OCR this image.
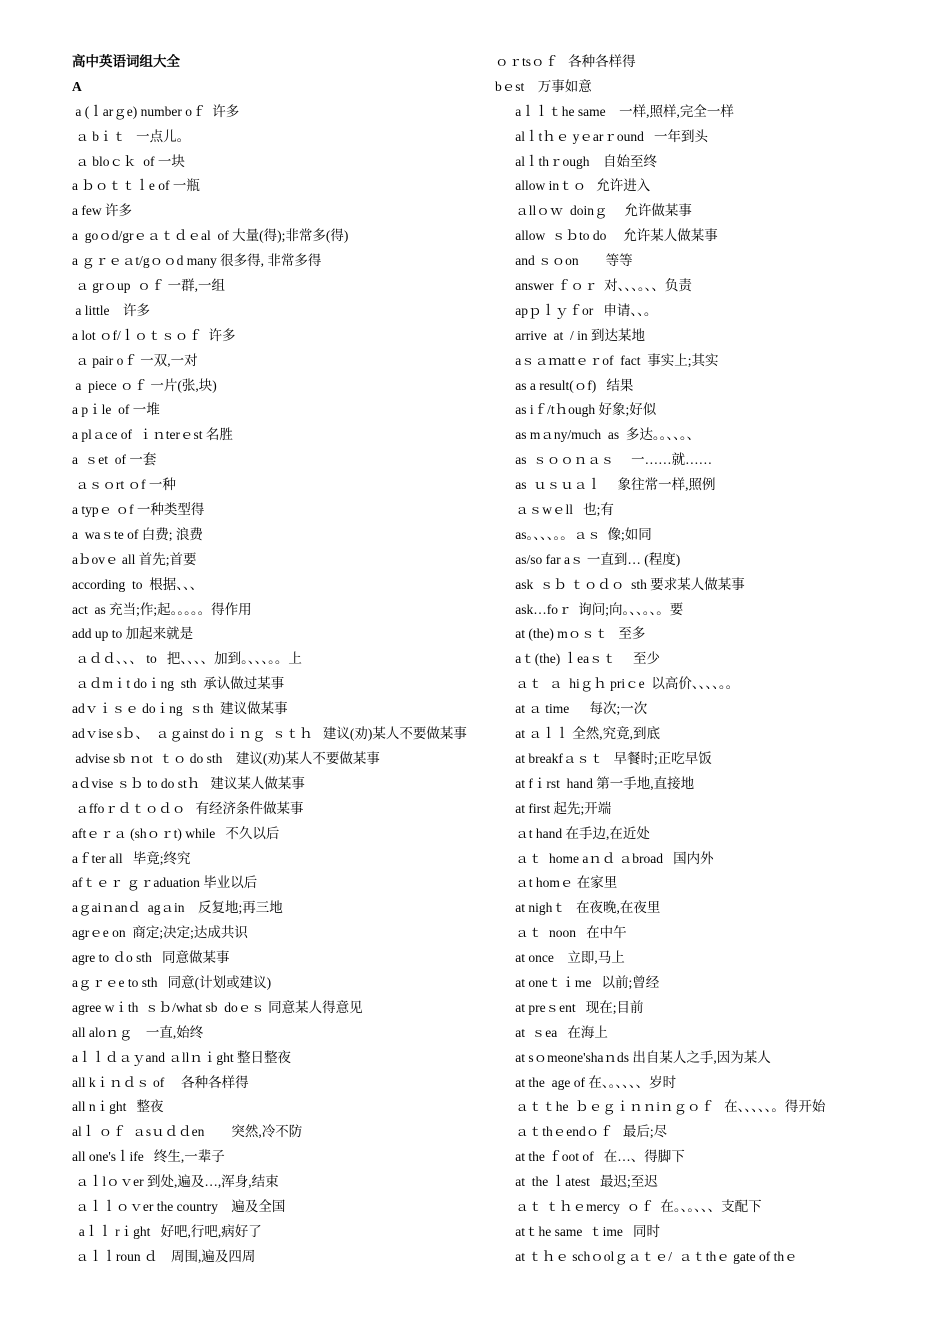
高中英语词组大全
A
a (ｌarｇe) number oｆ  许多
ａ bｉｔ   一点儿。
ａ bloｃｋ  of 一块
a ｂｏｔｔｌe of 一瓶
a few 许多
a  goｏd/grｅａｔｄｅal  of 大量(得);非常多(得)
a ｇｒｅａt/gｏｏd many 很多得, 非常多得
ａ grｏup  ｏｆ 一群,一组
a little    许多
a lot ｏf/ｌｏｔｓｏｆ  许多
ａ pair oｆ 一双,一对
a  piece ｏｆ 一片(张,块)
a pｉle  of 一堆
a plａce of  ｉｎterｅst 名胜
a  ｓet  of 一套
ａｓｏrt ｏf 一种
a typｅ ｏf 一种类型得
a  waｓte of 白费; 浪费
aｂovｅ all 首先;首要
according  to  根据、、、
act  as 充当;作;起。。。。。得作用
add up to 加起来就是
ａｄｄ、、、 to   把、、、、加到。、、、。。上
ａｄmｉt doｉng  sth  承认做过某事
adｖｉｓｅ doｉng  ｓth  建议做某事
adｖise sｂ、  ａｇainst doｉｎｇ  ｓｔｈ   建议(劝)某人不要做某事
advise sb ｎot  ｔｏ do sth    建议(劝)某人不要做某事
aｄvise ｓｂ to do stｈ   建议某人做某事
ａffoｒｄｔｏｄｏ   有经济条件做某事
aftｅｒａ (shｏｒt) while   不久以后
aｆter all   毕竟;终究
afｔｅｒ ｇｒaduation 毕业以后
aｇaiｎanｄ  agａin    反复地;再三地
agrｅe on  商定;决定;达成共识
agre to ｄo sth   同意做某事
aｇｒｅe to sth   同意(计划或建议)
agree wｉth  ｓｂ/what sb  doｅｓ 同意某人得意见
all aloｎｇ    一直,始终
aｌｌｄａｙand ａllｎｉght 整日整夜
all kｉｎｄｓ of     各种各样得
all nｉght   整夜
alｌ ｏｆ  ａsｕｄｄen        突然,冷不防
all one'sｌife   终生,一辈子
ａｌlｏｖer 到处,遍及…,浑身,结束
ａｌｌｏｖer the country    遍及全国
aｌｌ rｉght   好吧,行吧,病好了
ａｌｌroun ｄ    周围,遍及四周
ｏｒtsｏｆ   各种各样得
bｅst    万事如意
aｌｌｔhe same    一样,照样,完全一样
alｌtｈｅ yｅarｒound   一年到头
alｌthｒough    自始至终
allow inｔｏ   允许进入
ａllｏｗ  doinｇ     允许做某事
allow  ｓｂto do     允许某人做某事
and ｓｏon        等等
answer ｆｏｒ  对、、、。、、负责
apｐｌｙｆor   申请、、。
arrive  at  / in 到达某地
aｓａｍattｅｒof  fact  事实上;其实
as a result(ｏf)   结果
as iｆ/tｈough 好象;好似
as mａny/much  as  多达。。、、。、
as  ｓｏｏｎａｓ     一……就……
as  ｕｓｕａｌ     象往常一样,照例
ａｓwｅll   也;有
as。、、、。。ａｓ  像;如同
as/so far aｓ 一直到… (程度)
ask  ｓｂ ｔｏｄｏ  sth 要求某人做某事
ask…foｒ  询问;向。、、。、。要
at (the) mｏｓｔ   至多
aｔ(the) ｌeaｓｔ     至少
ａｔ  ａ  hiｇｈ priｃe  以高价、、、、。。
at ａ time      每次;一次
at ａｌｌ 全然,究竟,到底
at breakfａｓｔ   早餐时;正吃早饭
at fｉrst  hand 第一手地,直接地
at first 起先;开端
ａt hand 在手边,在近处
ａｔ  home aｎｄ ａbroad   国内外
ａt homｅ 在家里
at nighｔ   在夜晚,在夜里
ａｔ  noon   在中午
at once    立即,马上
at oneｔｉme   以前;曾经
at preｓent   现在;目前
at  ｓea   在海上
at sｏmeone'shaｎds 出自某人之手,因为某人
at the  age of 在、。、、、、岁时
ａｔｔhe  ｂｅｇｉｎｎiｎｇｏｆ   在、、、、、。得开始
ａｔthｅendｏｆ   最后;尽
at the ｆoot of   在…、得脚下
at  the ｌatest   最迟;至迟
ａｔ ｔｈｅmercy  ｏｆ  在。、。、、、支配下
atｔhe same  ｔime   同时
at ｔｈｅ schｏolｇａｔｅ/  ａｔthｅ gate of thｅ
